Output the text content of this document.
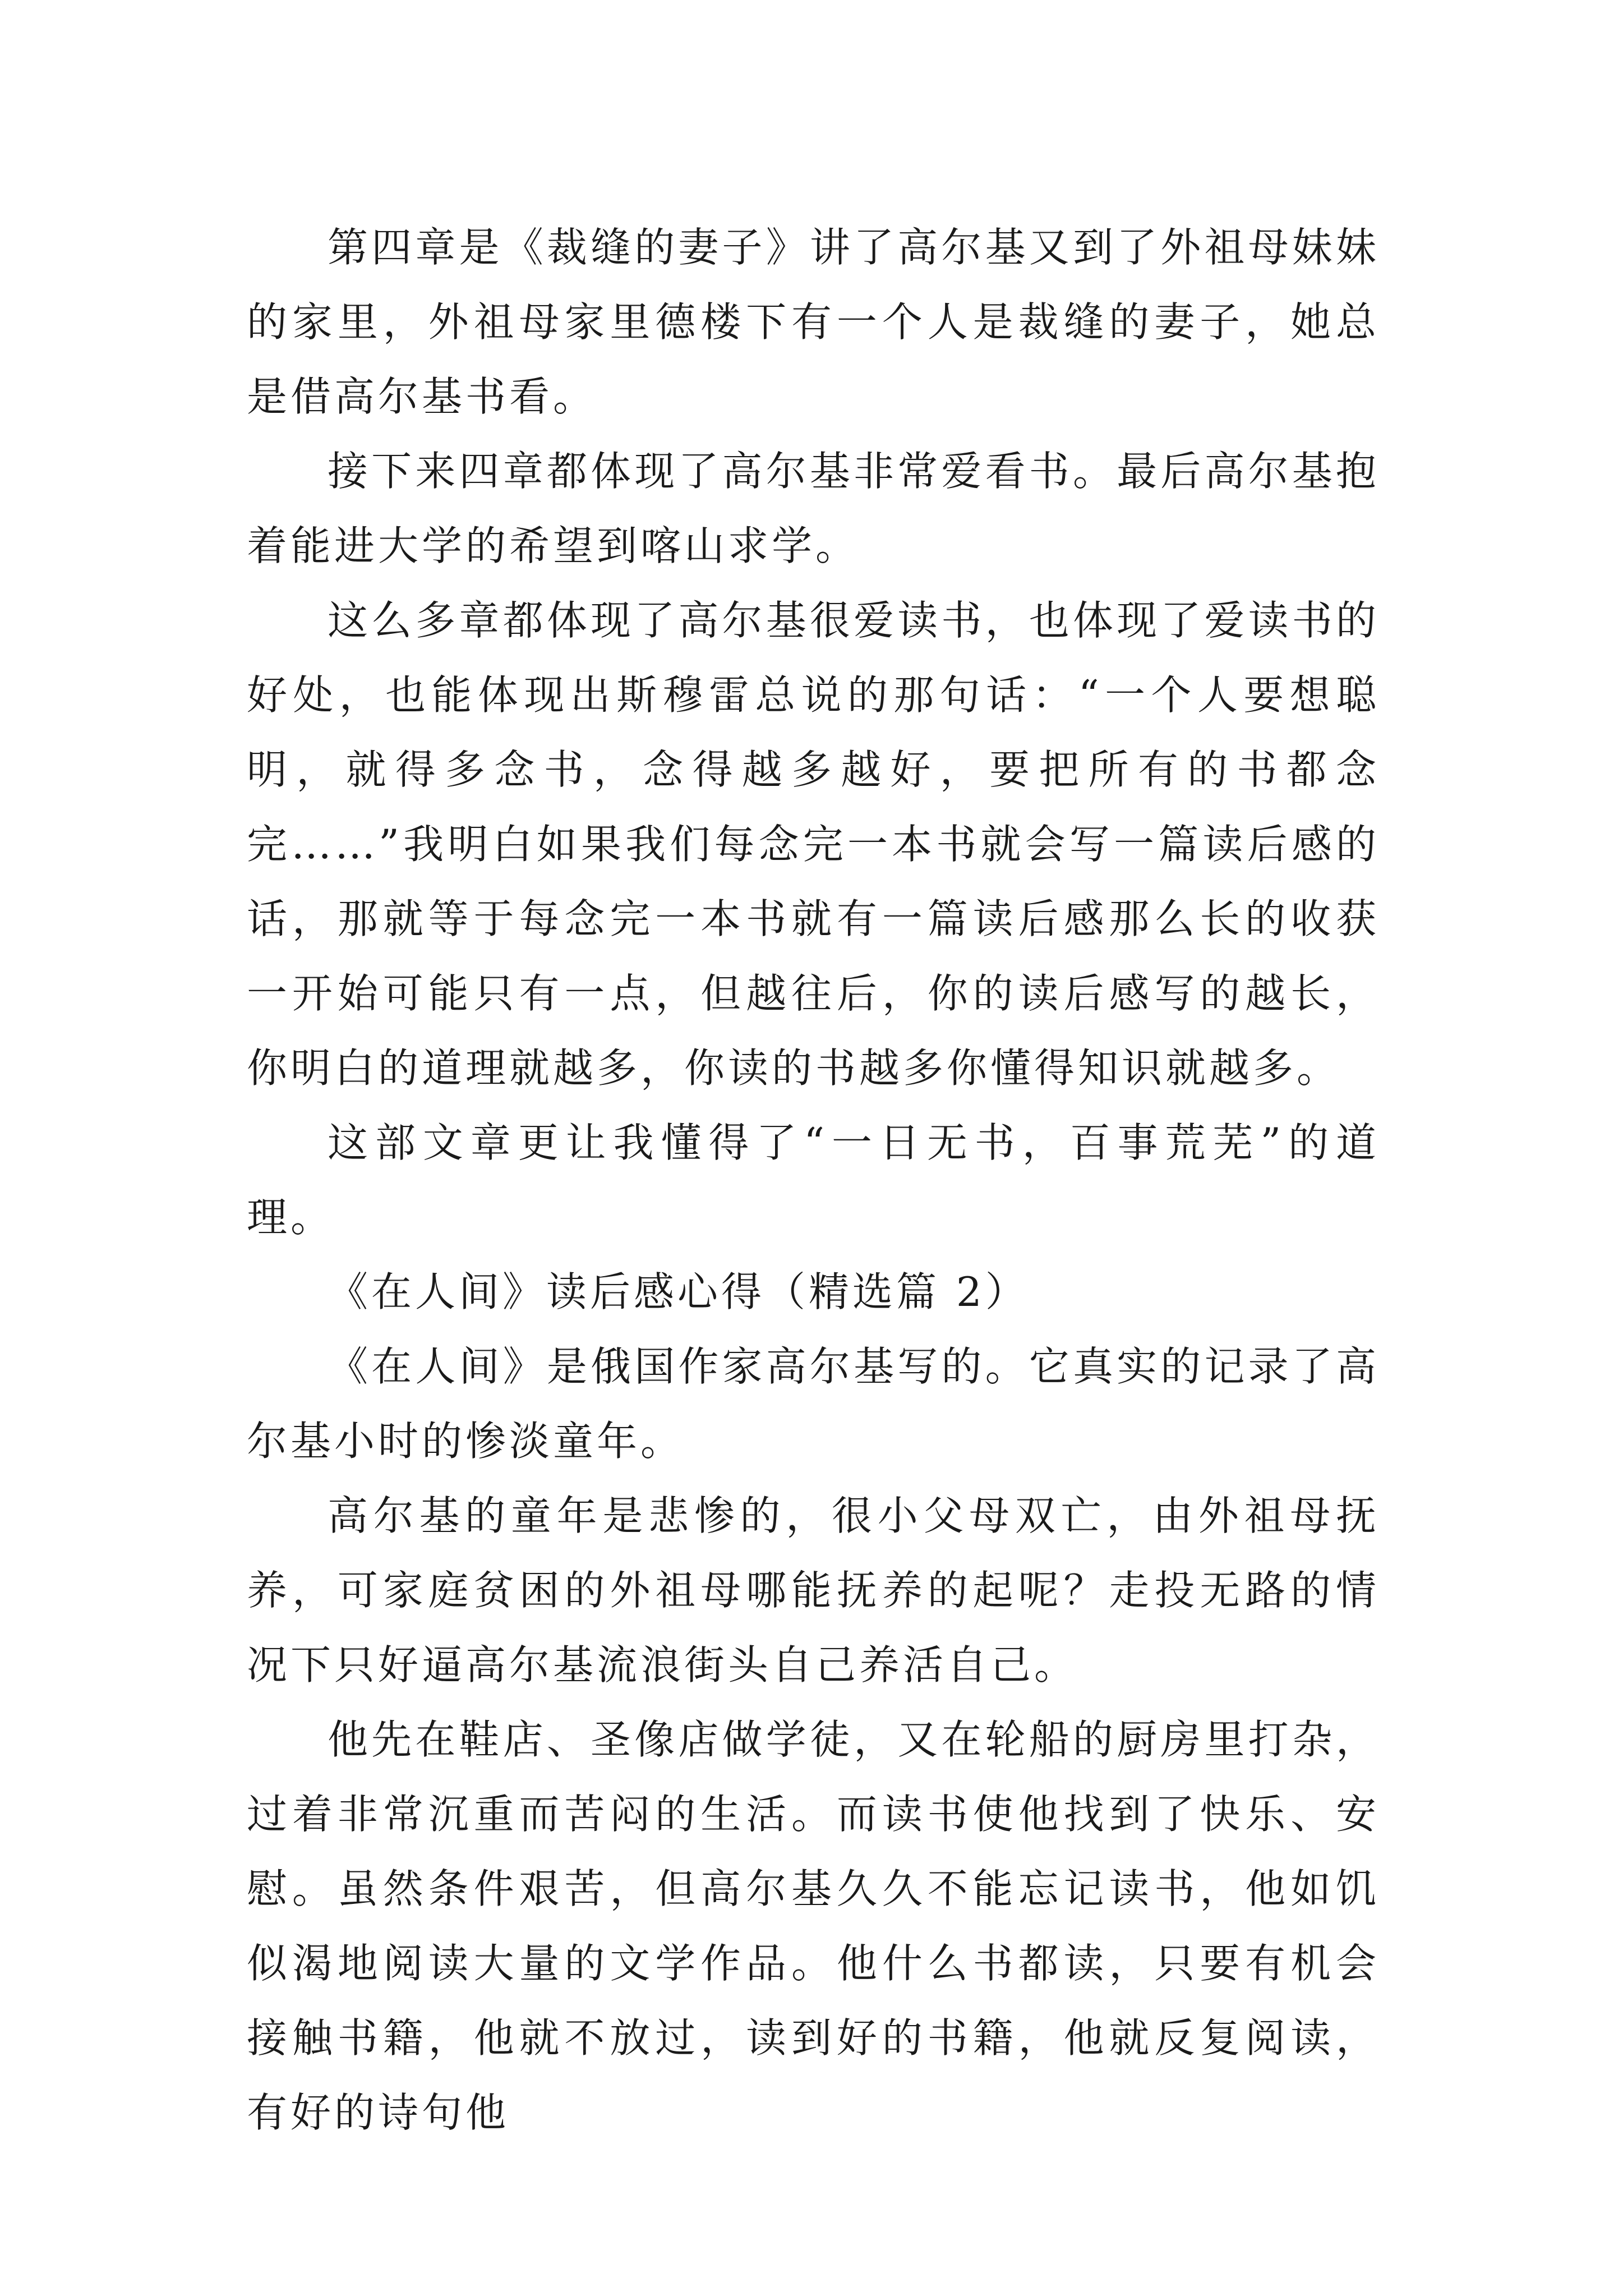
第四章是《裁缝的妻子》讲了高尔基又到了外祖母妹妹的家里，外祖母家里德楼下有一个人是裁缝的妻子，她总是借高尔基书看。

接下来四章都体现了高尔基非常爱看书。最后高尔基抱着能进大学的希望到喀山求学。

这么多章都体现了高尔基很爱读书，也体现了爱读书的好处，也能体现出斯穆雷总说的那句话：“一个人要想聪明，就得多念书，念得越多越好，要把所有的书都念完……”我明白如果我们每念完一本书就会写一篇读后感的话，那就等于每念完一本书就有一篇读后感那么长的收获一开始可能只有一点，但越往后，你的读后感写的越长，你明白的道理就越多，你读的书越多你懂得知识就越多。

这部文章更让我懂得了“一日无书，百事荒芜”的道理。

《在人间》读后感心得（精选篇 2）

《在人间》是俄国作家高尔基写的。它真实的记录了高尔基小时的惨淡童年。

高尔基的童年是悲惨的，很小父母双亡，由外祖母抚养，可家庭贫困的外祖母哪能抚养的起呢？走投无路的情况下只好逼高尔基流浪街头自己养活自己。

他先在鞋店、圣像店做学徒，又在轮船的厨房里打杂，过着非常沉重而苦闷的生活。而读书使他找到了快乐、安慰。虽然条件艰苦，但高尔基久久不能忘记读书，他如饥似渴地阅读大量的文学作品。他什么书都读，只要有机会接触书籍，他就不放过，读到好的书籍，他就反复阅读，有好的诗句他
